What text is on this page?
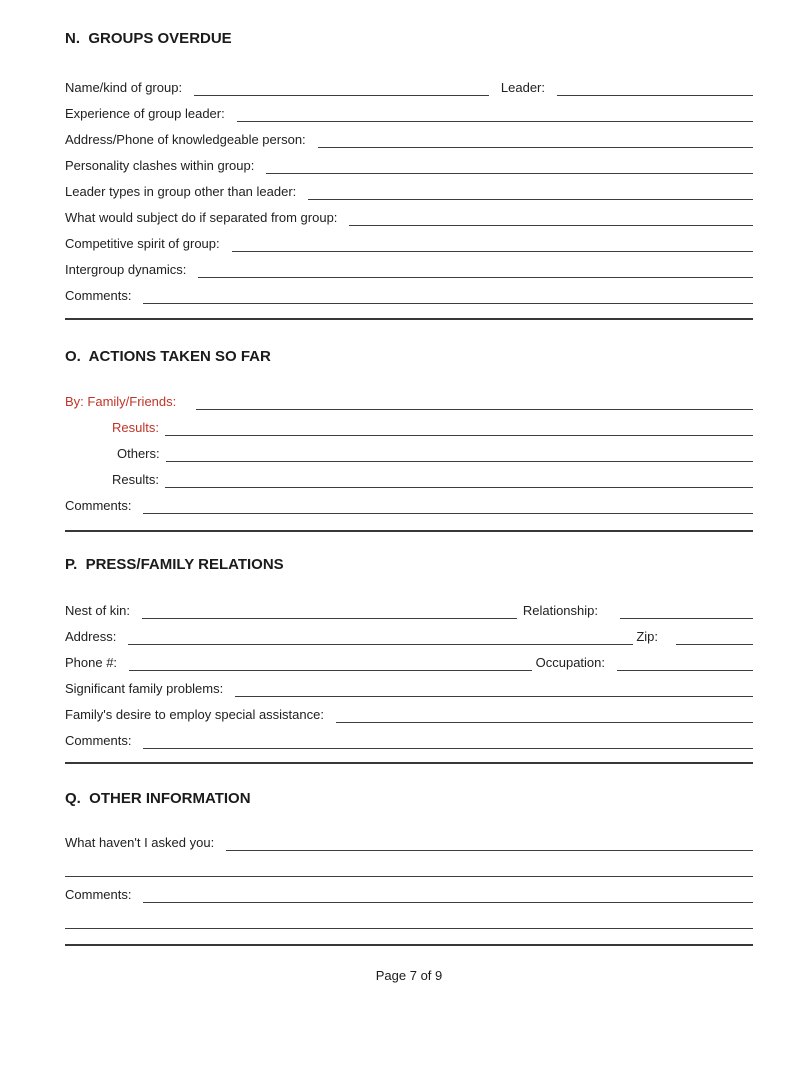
N.  GROUPS OVERDUE
Name/kind of group:	Leader:
Experience of group leader:
Address/Phone of knowledgeable person:
Personality clashes within group:
Leader types in group other than leader:
What would subject do if separated from group:
Competitive spirit of group:
Intergroup dynamics:
Comments:
O.  ACTIONS TAKEN SO FAR
By: Family/Friends:
Results:
Others:
Results:
Comments:
P.  PRESS/FAMILY RELATIONS
Nest of kin:	Relationship:
Address:	Zip:
Phone #:	Occupation:
Significant family problems:
Family's desire to employ special assistance:
Comments:
Q.  OTHER INFORMATION
What haven't I asked you:
Comments:
Page 7 of 9
